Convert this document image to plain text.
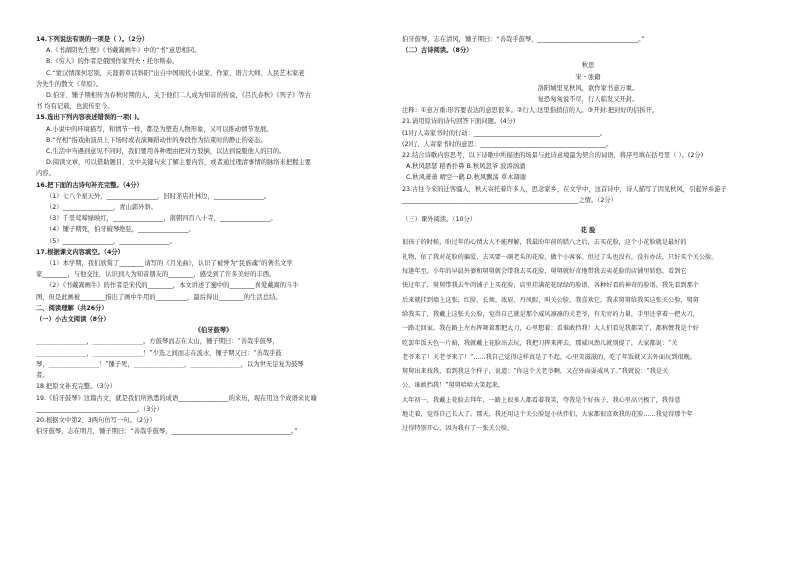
14.下列说法有误的一项是（ ）。（2分）
A.《书湖阴先生壁》《书戴嵩画牛》中的“书”意思相同。
B.《穷人》的作者是俄国作家列夫・托尔斯泰。
C.“蒙汉情深何忍别，天涯碧草话斜阳”出自中国现代小说家、作家、语言大师、人民艺术家老
舍先生的散文《草原》。
D.伯牙、锺子期相传为春秋时期的人，关于他们二人成为知音的传说，《吕氏春秋》《列子》等古
书 均有记载，也流传至今。
15.选出下列内容表述错误的一项( )。
A.小说中的环境描写，和情节一样，都是为塑造人物形象，又可以推动情节发展。
B.“亮相”指戏曲演员上下场时或表演舞蹈动作的身段作为结束时的静止的姿态。
C.生活中当遇到意见不同时，我们要用各种理由把对方驳倒，以达到说服他人的目的。
D.阅读文章，可以借助题目、文中关键句来了解主要内容，或者通过理清事情的脉络来把握主要
内容。
16.把下面的古诗句补充完整。（4分）
（1）七八个星天外，________________，旧时茅店社林边，________________。
（2）________________，青山郭外斜。
（3）千里莺啼绿映红，________________，南朝四百八十寺，________________。
（4）锺子期死，伯牙破琴绝弦，________________。
（5）________________，________________。
17.根据课文内容填空。（4分）
（1）本学期，我们欣赏了________请写的《月光曲》，认识了被誉为“民族魂”的著名文学
家________，与他交往，认识到人为知音朋友的________，感受到了许多美好的丰西。
（2）《书戴嵩画牛》的作者是宋代的________，本文讲述了蜀中的________喜爱戴嵩的斗牛
图，但是此画被________指出了画中牛用的__________，最后得出________的生活总结。
二、阅读理解（共26分）
（一）小古文阅读（8分）
《伯牙鼓琴》
________________，________________。方鼓琴而志在太山，锺子期曰：“善哉乎鼓琴，
________________，________________！”少选之间而志在流水，锺子期又曰：“善哉乎鼓
琴，________________！”锺子死，________________，________________，以为世无足复为鼓琴
者。
18.把原文补充完整。（3分）
19.《伯牙鼓琴》这篇古文，就是我们所熟悉的成语________________的来历，现在用这个成语来比喻
________________________________。（3分）
20.根据文中第2、3两句仿写一句。（2分）
伯牙鼓琴，志在明月，锺子期曰：“善哉乎鼓琴，______________________________________。”
伯牙鼓琴，志在清风，锺子期曰：“善哉乎鼓琴，________________________________。”
（二）古诗阅读。（8分）
秋思
宋・张籍
洛阳城里见秋风，欲作家书意万重。
复恐匆匆说不尽，行人临发又开封。
注释：①意万重:形容要表达的意思很多。②行人:这里指捎信的人。③开封:把封好的信拆开。
21.请用原诗的诗句回答下面问题。(4分)
(1)行人寄家书时的行动：________________________________________。
(2)行、人寄家书时的意思：________________________________________。
22.结合诗歌内容思考，以下诗歌中所描述的场景与此诗意境最为契合的词语，将序号填在括号里（ ）。(2分)
A.秋风瑟瑟 稻香扑鼻 B.秋风忽爷 波涛汹涌
C.秋风萧萧 晴空一鹤 D.秋风飘荡 草木凋谢
23.古往今来的迁客骚人，秋天寄托着许多人，思念家乡，在文学中，这首诗中，诗人描写了因见秋风，引起异乡游子
________________________________________________________之情。（2分）
（三）课外阅读。（10分）
花 脸
很孩子的时候，盼过年的心情大人不能理解，我最盼年前的腊八之后，去买花脸，这个小花脸就是最好的
礼物，依了我对花脸的偏爱，去买要一副老头的花脸，做个小客客。但过了头也没有，没有办法，只好买个关公脸。
每逢年至，小年的早晨外婆和舅舅就会带我去买花脸，舅舅就好奇地带我去卖花脸的店铺里转悠，看到它
快过年了，舅舅带我去牛肉铺子上买花脸，店里挂满花花绿绿的脸谱，各种好看的神奇的脸谱。我先看到那个
后来就挂到墙上这张，红脸、长须、浓眉、丹凤眼，叫关公脸，我喜欢它，我求舅舅给我买这张关公脸，舅舅
给我买了，我戴上这张关公脸，觉得自己就是那个威风凛凛的关老爷，有无穷的力量，手里还拿着一把大刀，
一路走回家。我在路上左右挥舞着那把大刀，心里想着：看谁敢挡我！大人们看见我都笑了，都称赞我是个好
吃罢年饭天色一片暗，我就戴上花脸出去玩，我把刀挥来挥去，那威风劲儿就别提了，大家都说：“关
老爷来了！关老爷来了！”……我自己觉得这样真是了不起，心里美滋滋的，吃了年饭就又去外面玩到很晚。
舅舅出来找我，看到我这个样子，说道：“你这个关老爷啊，又在外面耍威风了。”我就说：“我是关
公，谁敢挡我！”舅舅哈哈大笑起来。
大年初一，我戴上花脸去拜年，一路上很多人都看着我笑，夸我是个好孩子，我心里高兴极了，我得意
地走着，觉得自己长大了。那天，我还用这个关公脸逗小伙伴们，大家都很喜欢我的花脸……我觉得那个年
过得特别开心，因为我有了一张关公脸。
